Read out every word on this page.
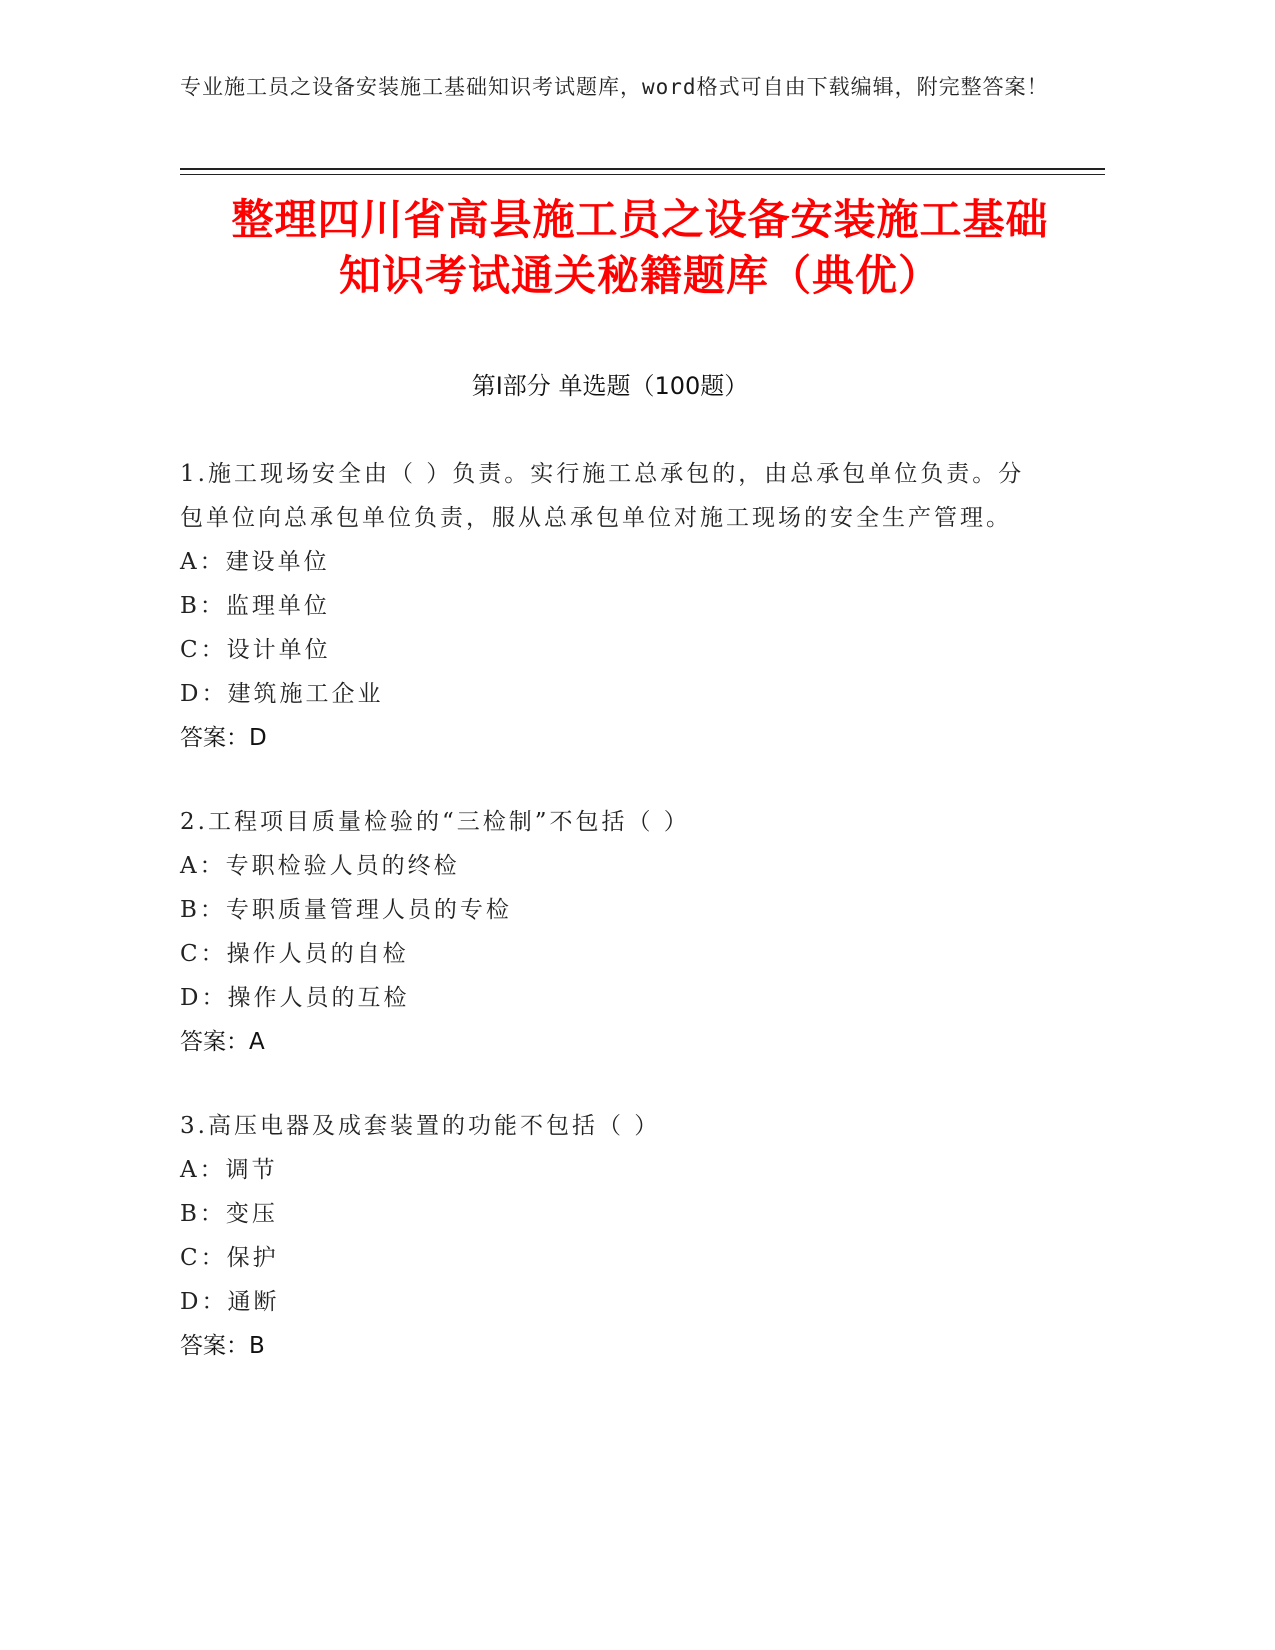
专业施工员之设备安装施工基础知识考试题库，word格式可自由下载编辑，附完整答案！
整理四川省高县施工员之设备安装施工基础
知识考试通关秘籍题库（典优）
第I部分 单选题（100题）
1.施工现场安全由（ ）负责。实行施工总承包的，由总承包单位负责。分包单位向总承包单位负责，服从总承包单位对施工现场的安全生产管理。
A：建设单位
B：监理单位
C：设计单位
D：建筑施工企业
答案：D
2.工程项目质量检验的“三检制”不包括（ ）
A：专职检验人员的终检
B：专职质量管理人员的专检
C：操作人员的自检
D：操作人员的互检
答案：A
3.高压电器及成套装置的功能不包括（ ）
A：调节
B：变压
C：保护
D：通断
答案：B
